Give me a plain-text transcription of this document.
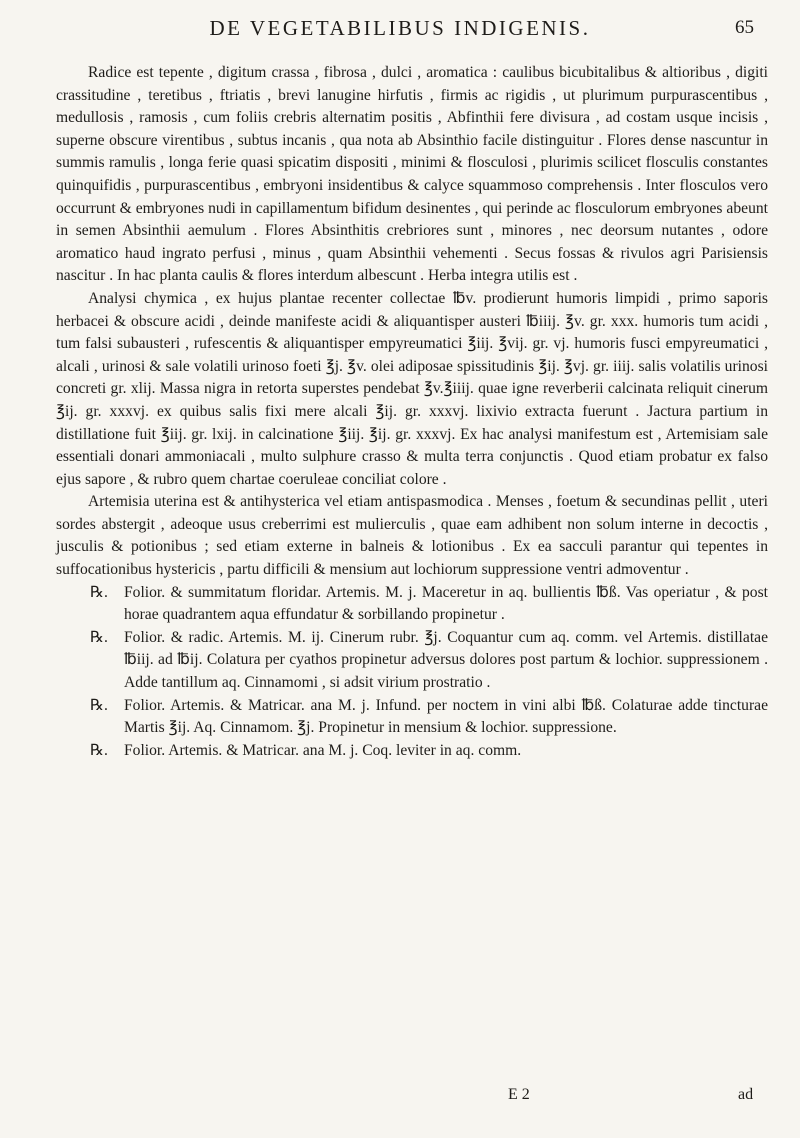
DE VEGETABILIBUS INDIGENIS.	65

Radice est tepente , digitum crassa , fibrosa , dulci , aromatica : caulibus bicubitalibus & altioribus , digiti crassitudine , teretibus , ftriatis , brevi lanugine hirfutis , firmis ac rigidis , ut plurimum purpurascentibus , medullosis , ramosis , cum foliis crebris alternatim positis , Abfinthii fere divisura , ad costam usque incisis , superne obscure virentibus , subtus incanis , qua nota ab Absinthio facile distinguitur . Flores dense nascuntur in summis ramulis , longa ferie quasi spicatim dispositi , minimi & flosculosi , plurimis scilicet flosculis constantes quinquifidis , purpurascentibus , embryoni insidentibus & calyce squammoso comprehensis . Inter flosculos vero occurrunt & embryones nudi in capillamentum bifidum desinentes , qui perinde ac flosculorum embryones abeunt in semen Absinthii aemulum . Flores Absinthitis crebriores sunt , minores , nec deorsum nutantes , odore aromatico haud ingrato perfusi , minus , quam Absinthii vehementi . Secus fossas & rivulos agri Parisiensis nascitur . In hac planta caulis & flores interdum albescunt . Herba integra utilis est .

Analysi chymica , ex hujus plantae recenter collectae ℔v. prodierunt humoris limpidi , primo saporis herbacei & obscure acidi , deinde manifeste acidi & aliquantisper austeri ℔iiij. ℥v. gr. xxx. humoris tum acidi , tum falsi subausteri , rufescentis & aliquantisper empyreumatici ℥iij. ℥vij. gr. vj. humoris fusci empyreumatici , alcali , urinosi & sale volatili urinoso foeti ℥j. ℥v. olei adiposae spissitudinis ℥ij. ℥vj. gr. iiij. salis volatilis urinosi concreti gr. xlij. Massa nigra in retorta superstes pendebat ℥v.℥iiij. quae igne reverberii calcinata reliquit cinerum ℥ij. gr. xxxvj. ex quibus salis fixi mere alcali ℥ij. gr. xxxvj. lixivio extracta fuerunt . Jactura partium in distillatione fuit ℥iij. gr. lxij. in calcinatione ℥iij. ℥ij. gr. xxxvj. Ex hac analysi manifestum est , Artemisiam sale essentiali donari ammoniacali , multo sulphure crasso & multa terra conjunctis . Quod etiam probatur ex falso ejus sapore , & rubro quem chartae coeruleae conciliat colore .

Artemisia uterina est & antihysterica vel etiam antispasmodica . Menses , foetum & secundinas pellit , uteri sordes abstergit , adeoque usus creberrimi est mulierculis , quae eam adhibent non solum interne in decoctis , jusculis & potionibus ; sed etiam externe in balneis & lotionibus . Ex ea sacculi parantur qui tepentes in suffocationibus hystericis , partu difficili & mensium aut lochiorum suppressione ventri admoventur .

℞. Folior. & summitatum floridar. Artemis. M. j. Maceretur in aq. bullientis ℔ß. Vas operiatur , & post horae quadrantem aqua effundatur & sorbillando propinetur .

℞. Folior. & radic. Artemis. M. ij. Cinerum rubr. ℥j. Coquantur cum aq. comm. vel Artemis. distillatae ℔iij. ad ℔ij. Colatura per cyathos propinetur adversus dolores post partum & lochior. suppressionem . Adde tantillum aq. Cinnamomi , si adsit virium prostratio .

℞. Folior. Artemis. & Matricar. ana M. j. Infund. per noctem in vini albi ℔ß. Colaturae adde tincturae Martis ℥ij. Aq. Cinnamom. ℥j. Propinetur in mensium & lochior. suppressione.

℞. Folior. Artemis. & Matricar. ana M. j. Coq. leviter in aq. comm.

E 2	ad
